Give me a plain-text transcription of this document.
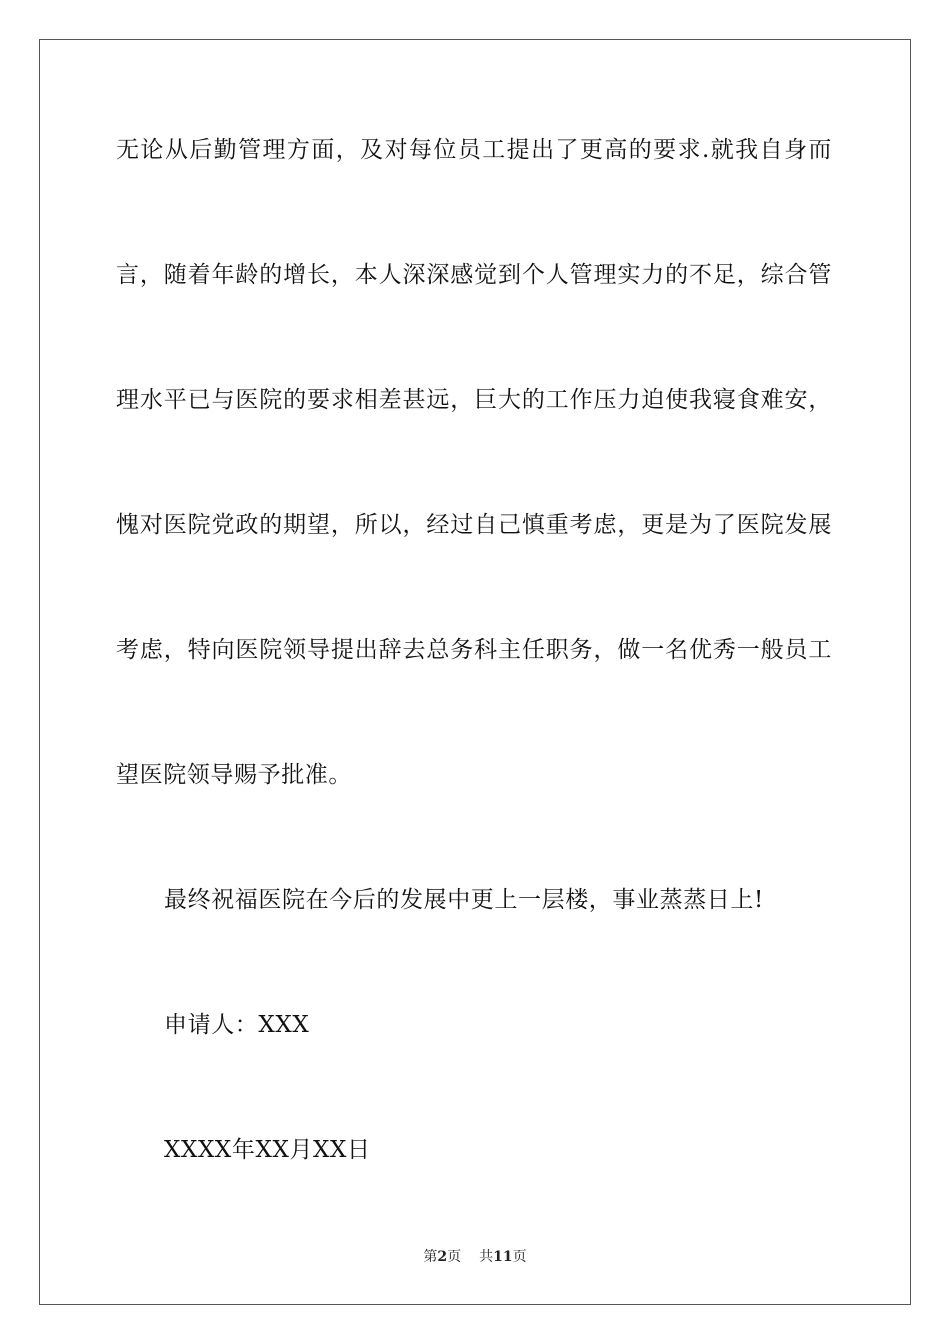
无论从后勤管理方面，及对每位员工提出了更高的要求.就我自身而
言，随着年龄的增长，本人深深感觉到个人管理实力的不足，综合管
理水平已与医院的要求相差甚远，巨大的工作压力迫使我寝食难安，
愧对医院党政的期望，所以，经过自己慎重考虑，更是为了医院发展
考虑，特向医院领导提出辞去总务科主任职务，做一名优秀一般员工
望医院领导赐予批准。
最终祝福医院在今后的发展中更上一层楼，事业蒸蒸日上!
申请人：XXX
XXXX年XX月XX日
第2页 共11页
